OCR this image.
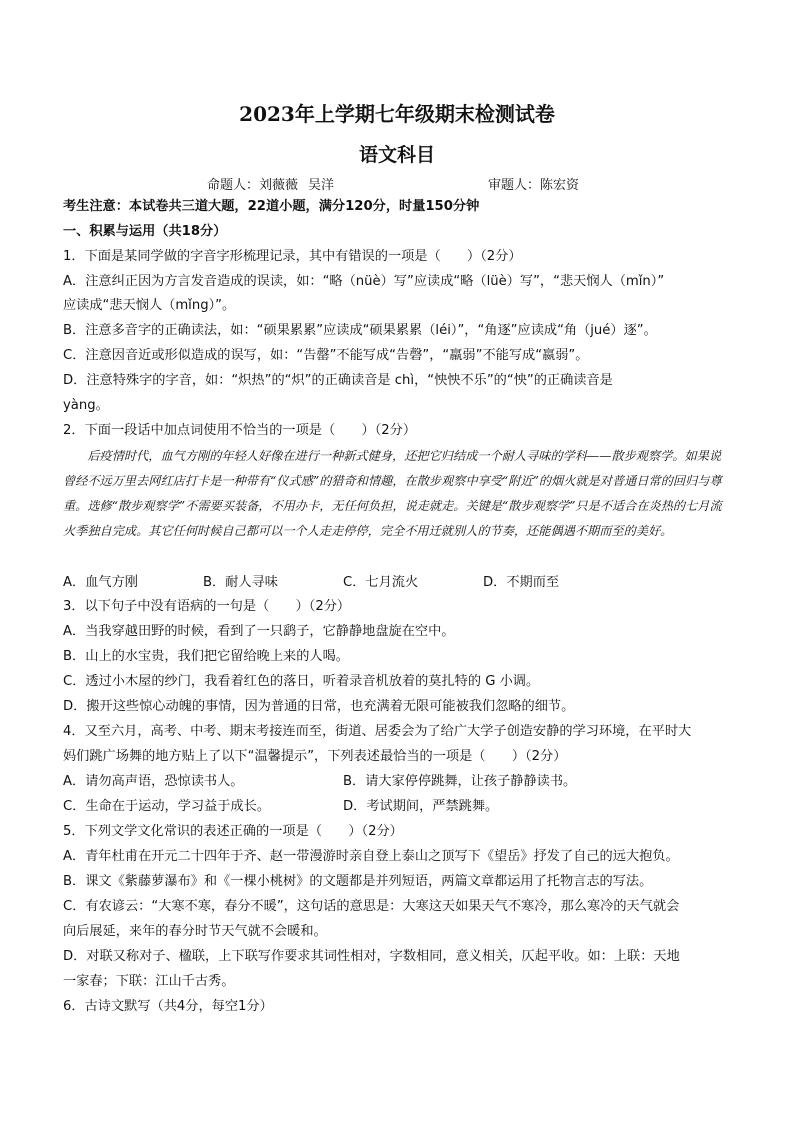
2023年上学期七年级期末检测试卷
语文科目
命题人：刘薇薇 吴洋	审题人：陈宏资
考生注意：本试卷共三道大题，22道小题，满分120分，时量150分钟
一、积累与运用（共18分）
1．下面是某同学做的字音字形梳理记录，其中有错误的一项是（　　）（2分）
A．注意纠正因为方言发音造成的误读，如：“略（nüè）写”应读成“略（lüè）写”，“悲天悯人（mǐn）”
应读成“悲天悯人（mǐng）”。
B．注意多音字的正确读法，如：“硕果累累”应读成“硕果累累（léi）”，“角逐”应读成“角（jué）逐”。
C．注意因音近或形似造成的误写，如：“告罄”不能写成“告磬”，“羸弱”不能写成“嬴弱”。
D．注意特殊字的字音，如：“炽热”的“炽”的正确读音是 chì，“怏怏不乐”的“怏”的正确读音是
yàng。
2．下面一段话中加点词使用不恰当的一项是（　　）（2分）
　　后疫情时代，血气方刚的年轻人好像在进行一种新式健身，还把它归结成一个耐人寻味的学科——散步观察学。如果说曾经不远万里去网红店打卡是一种带有“仪式感”的猎奇和情趣，在散步观察中享受“附近”的烟火就是对普通日常的回归与尊重。选修“散步观察学”不需要买装备，不用办卡，无任何负担，说走就走。关键是“散步观察学”只是不适合在炎热的七月流火季独自完成。其它任何时候自己都可以一个人走走停停，完全不用迁就别人的节奏，还能偶遇不期而至的美好。
A．血气方刚	B．耐人寻味	C．七月流火	D．不期而至
3．以下句子中没有语病的一句是（　　）（2分）
A．当我穿越田野的时候，看到了一只鹞子，它静静地盘旋在空中。
B．山上的水宝贵，我们把它留给晚上来的人喝。
C．透过小木屋的纱门，我看着红色的落日，听着录音机放着的莫扎特的 G 小调。
D．搬开这些惊心动魄的事情，因为普通的日常，也充满着无限可能被我们忽略的细节。
4．又至六月，高考、中考、期末考接连而至，街道、居委会为了给广大学子创造安静的学习环境，在平时大
妈们跳广场舞的地方贴上了以下“温馨提示”，下列表述最恰当的一项是（　　）（2分）
A．请勿高声语，恐惊读书人。	B．请大家停停跳舞，让孩子静静读书。
C．生命在于运动，学习益于成长。	D．考试期间，严禁跳舞。
5．下列文学文化常识的表述正确的一项是（　　）（2分）
A．青年杜甫在开元二十四年于齐、赵一带漫游时亲自登上泰山之顶写下《望岳》抒发了自己的远大抱负。
B．课文《紫藤萝瀑布》和《一棵小桃树》的文题都是并列短语，两篇文章都运用了托物言志的写法。
C．有农谚云：“大寒不寒，春分不暖”，这句话的意思是：大寒这天如果天气不寒冷，那么寒冷的天气就会
向后展延，来年的春分时节天气就不会暖和。
D．对联又称对子、楹联，上下联写作要求其词性相对，字数相同，意义相关，仄起平收。如：上联：天地
一家春；下联：江山千古秀。
6．古诗文默写（共4分，每空1分）
